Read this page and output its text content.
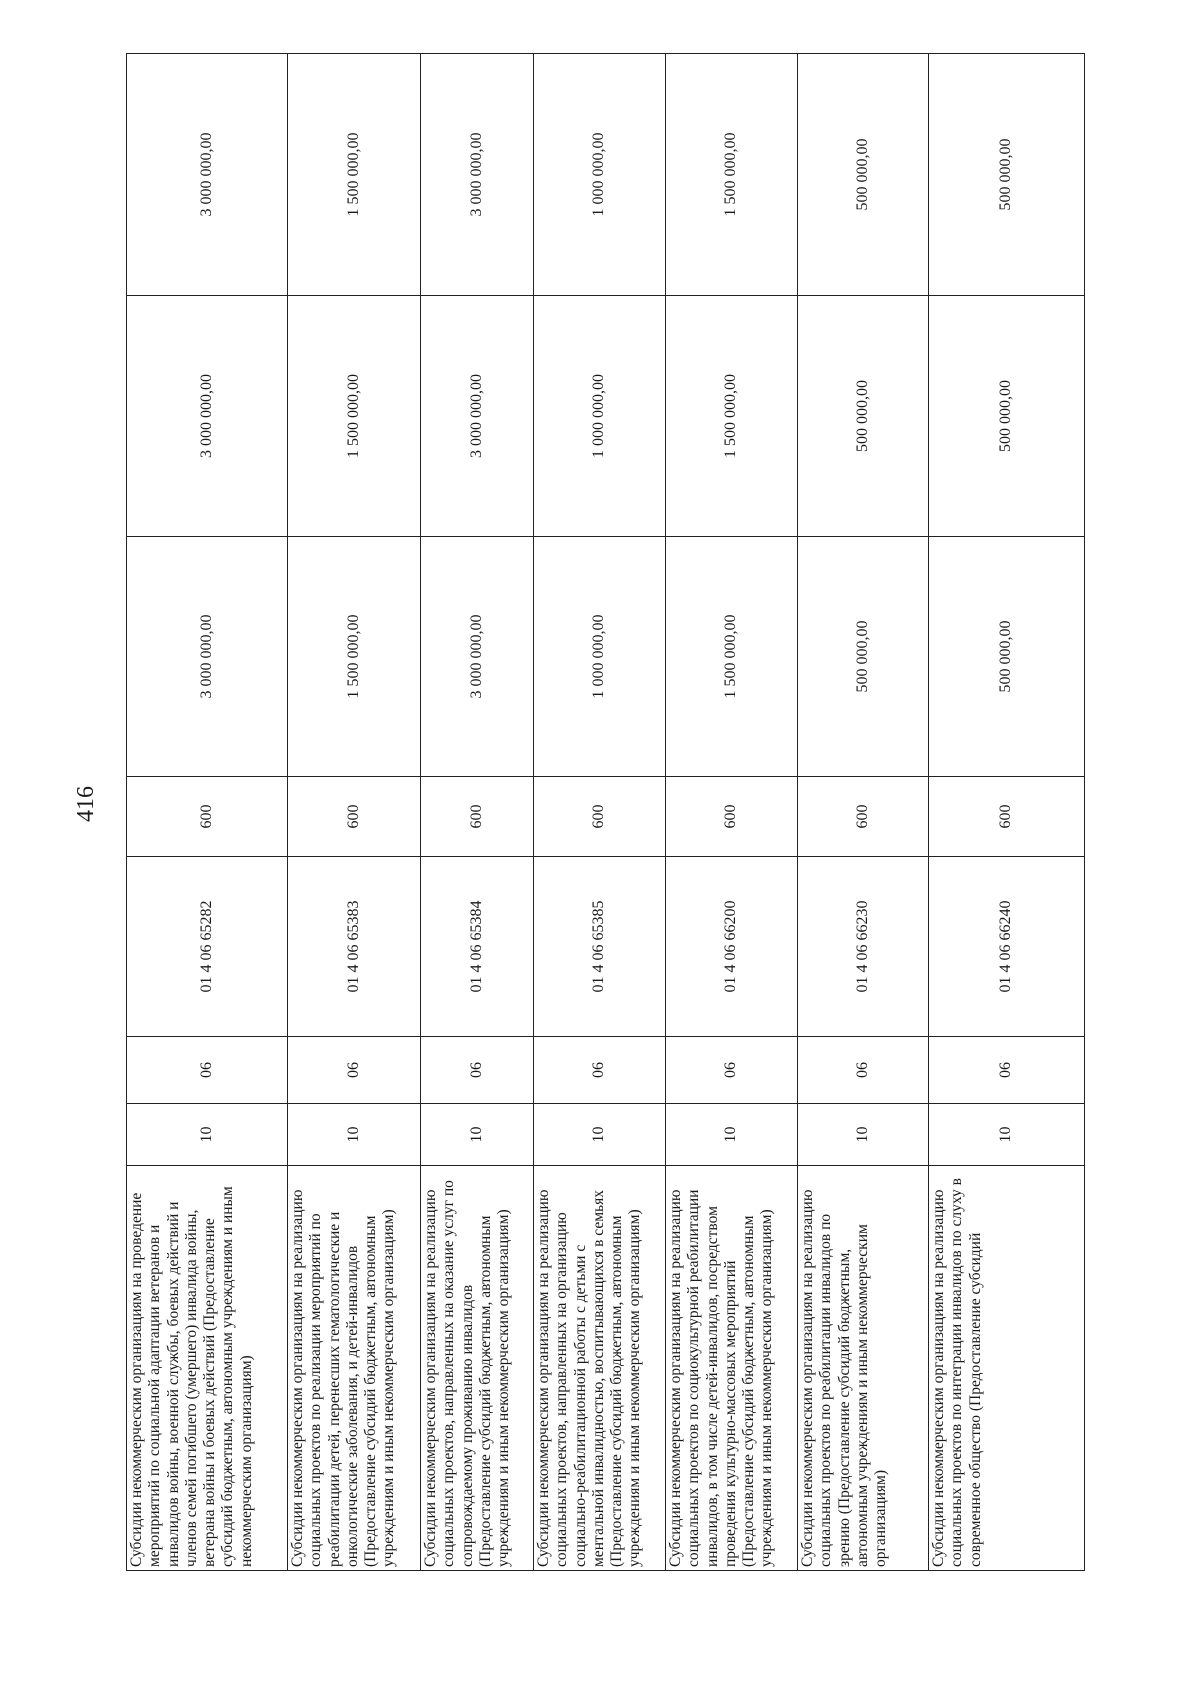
416
Субсидии некоммерческим организациям на проведение мероприятий по социальной адаптации ветеранов и инвалидов войны, военной службы, боевых действий и членов семей погибшего (умершего) инвалида войны, ветерана войны и боевых действий (Предоставление субсидий бюджетным, автономным учреждениям и иным некоммерческим организациям)	10	06	01 4 06 65282	600	3 000 000,00	3 000 000,00	3 000 000,00
Субсидии некоммерческим организациям на реализацию социальных проектов по реализации мероприятий по реабилитации детей, перенесших гематологические и онкологические заболевания, и детей-инвалидов (Предоставление субсидий бюджетным, автономным учреждениям и иным некоммерческим организациям)	10	06	01 4 06 65383	600	1 500 000,00	1 500 000,00	1 500 000,00
Субсидии некоммерческим организациям на реализацию социальных проектов, направленных на оказание услуг по сопровождаемому проживанию инвалидов (Предоставление субсидий бюджетным, автономным учреждениям и иным некоммерческим организациям)	10	06	01 4 06 65384	600	3 000 000,00	3 000 000,00	3 000 000,00
Субсидии некоммерческим организациям на реализацию социальных проектов, направленных на организацию социально-реабилитационной работы с детьми с ментальной инвалидностью, воспитывающихся в семьях (Предоставление субсидий бюджетным, автономным учреждениям и иным некоммерческим организациям)	10	06	01 4 06 65385	600	1 000 000,00	1 000 000,00	1 000 000,00
Субсидии некоммерческим организациям на реализацию социальных проектов по социокультурной реабилитации инвалидов, в том числе детей-инвалидов, посредством проведения культурно-массовых мероприятий (Предоставление субсидий бюджетным, автономным учреждениям и иным некоммерческим организациям)	10	06	01 4 06 66200	600	1 500 000,00	1 500 000,00	1 500 000,00
Субсидии некоммерческим организациям на реализацию социальных проектов по реабилитации инвалидов по зрению (Предоставление субсидий бюджетным, автономным учреждениям и иным некоммерческим организациям)	10	06	01 4 06 66230	600	500 000,00	500 000,00	500 000,00
Субсидии некоммерческим организациям на реализацию социальных проектов по интеграции инвалидов по слуху в современное общество (Предоставление субсидий	10	06	01 4 06 66240	600	500 000,00	500 000,00	500 000,00
